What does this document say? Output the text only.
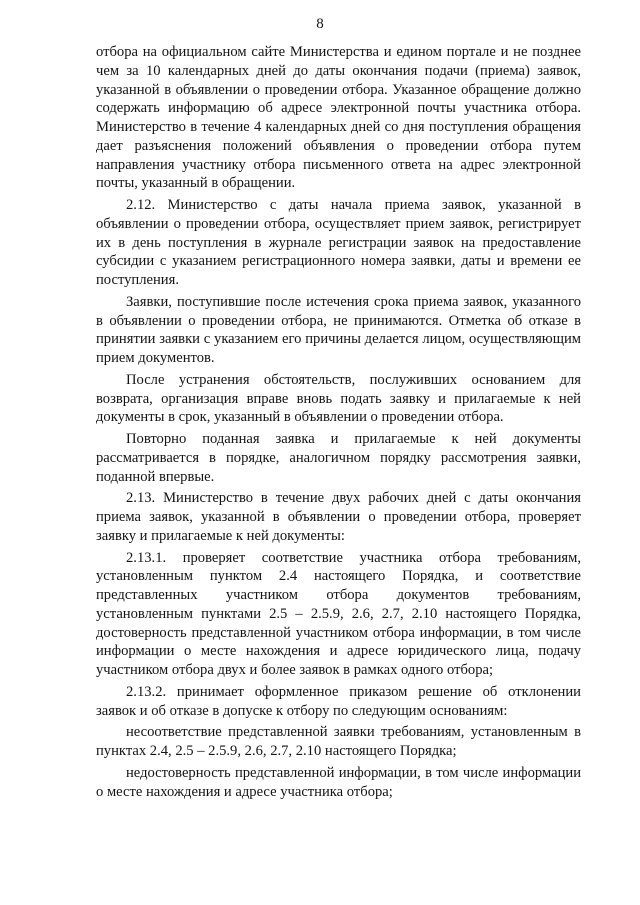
8

отбора на официальном сайте Министерства и едином портале и не позднее чем за 10 календарных дней до даты окончания подачи (приема) заявок, указанной в объявлении о проведении отбора. Указанное обращение должно содержать информацию об адресе электронной почты участника отбора. Министерство в течение 4 календарных дней со дня поступления обращения дает разъяснения положений объявления о проведении отбора путем направления участнику отбора письменного ответа на адрес электронной почты, указанный в обращении.

2.12. Министерство с даты начала приема заявок, указанной в объявлении о проведении отбора, осуществляет прием заявок, регистрирует их в день поступления в журнале регистрации заявок на предоставление субсидии с указанием регистрационного номера заявки, даты и времени ее поступления.

Заявки, поступившие после истечения срока приема заявок, указанного в объявлении о проведении отбора, не принимаются. Отметка об отказе в принятии заявки с указанием его причины делается лицом, осуществляющим прием документов.

После устранения обстоятельств, послуживших основанием для возврата, организация вправе вновь подать заявку и прилагаемые к ней документы в срок, указанный в объявлении о проведении отбора.

Повторно поданная заявка и прилагаемые к ней документы рассматривается в порядке, аналогичном порядку рассмотрения заявки, поданной впервые.

2.13. Министерство в течение двух рабочих дней с даты окончания приема заявок, указанной в объявлении о проведении отбора, проверяет заявку и прилагаемые к ней документы:

2.13.1. проверяет соответствие участника отбора требованиям, установленным пунктом 2.4 настоящего Порядка, и соответствие представленных участником отбора документов требованиям, установленным пунктами 2.5 – 2.5.9, 2.6, 2.7, 2.10 настоящего Порядка, достоверность представленной участником отбора информации, в том числе информации о месте нахождения и адресе юридического лица, подачу участником отбора двух и более заявок в рамках одного отбора;

2.13.2. принимает оформленное приказом решение об отклонении заявок и об отказе в допуске к отбору по следующим основаниям:

несоответствие представленной заявки требованиям, установленным в пунктах 2.4, 2.5 – 2.5.9, 2.6, 2.7, 2.10 настоящего Порядка;

недостоверность представленной информации, в том числе информации о месте нахождения и адресе участника отбора;
